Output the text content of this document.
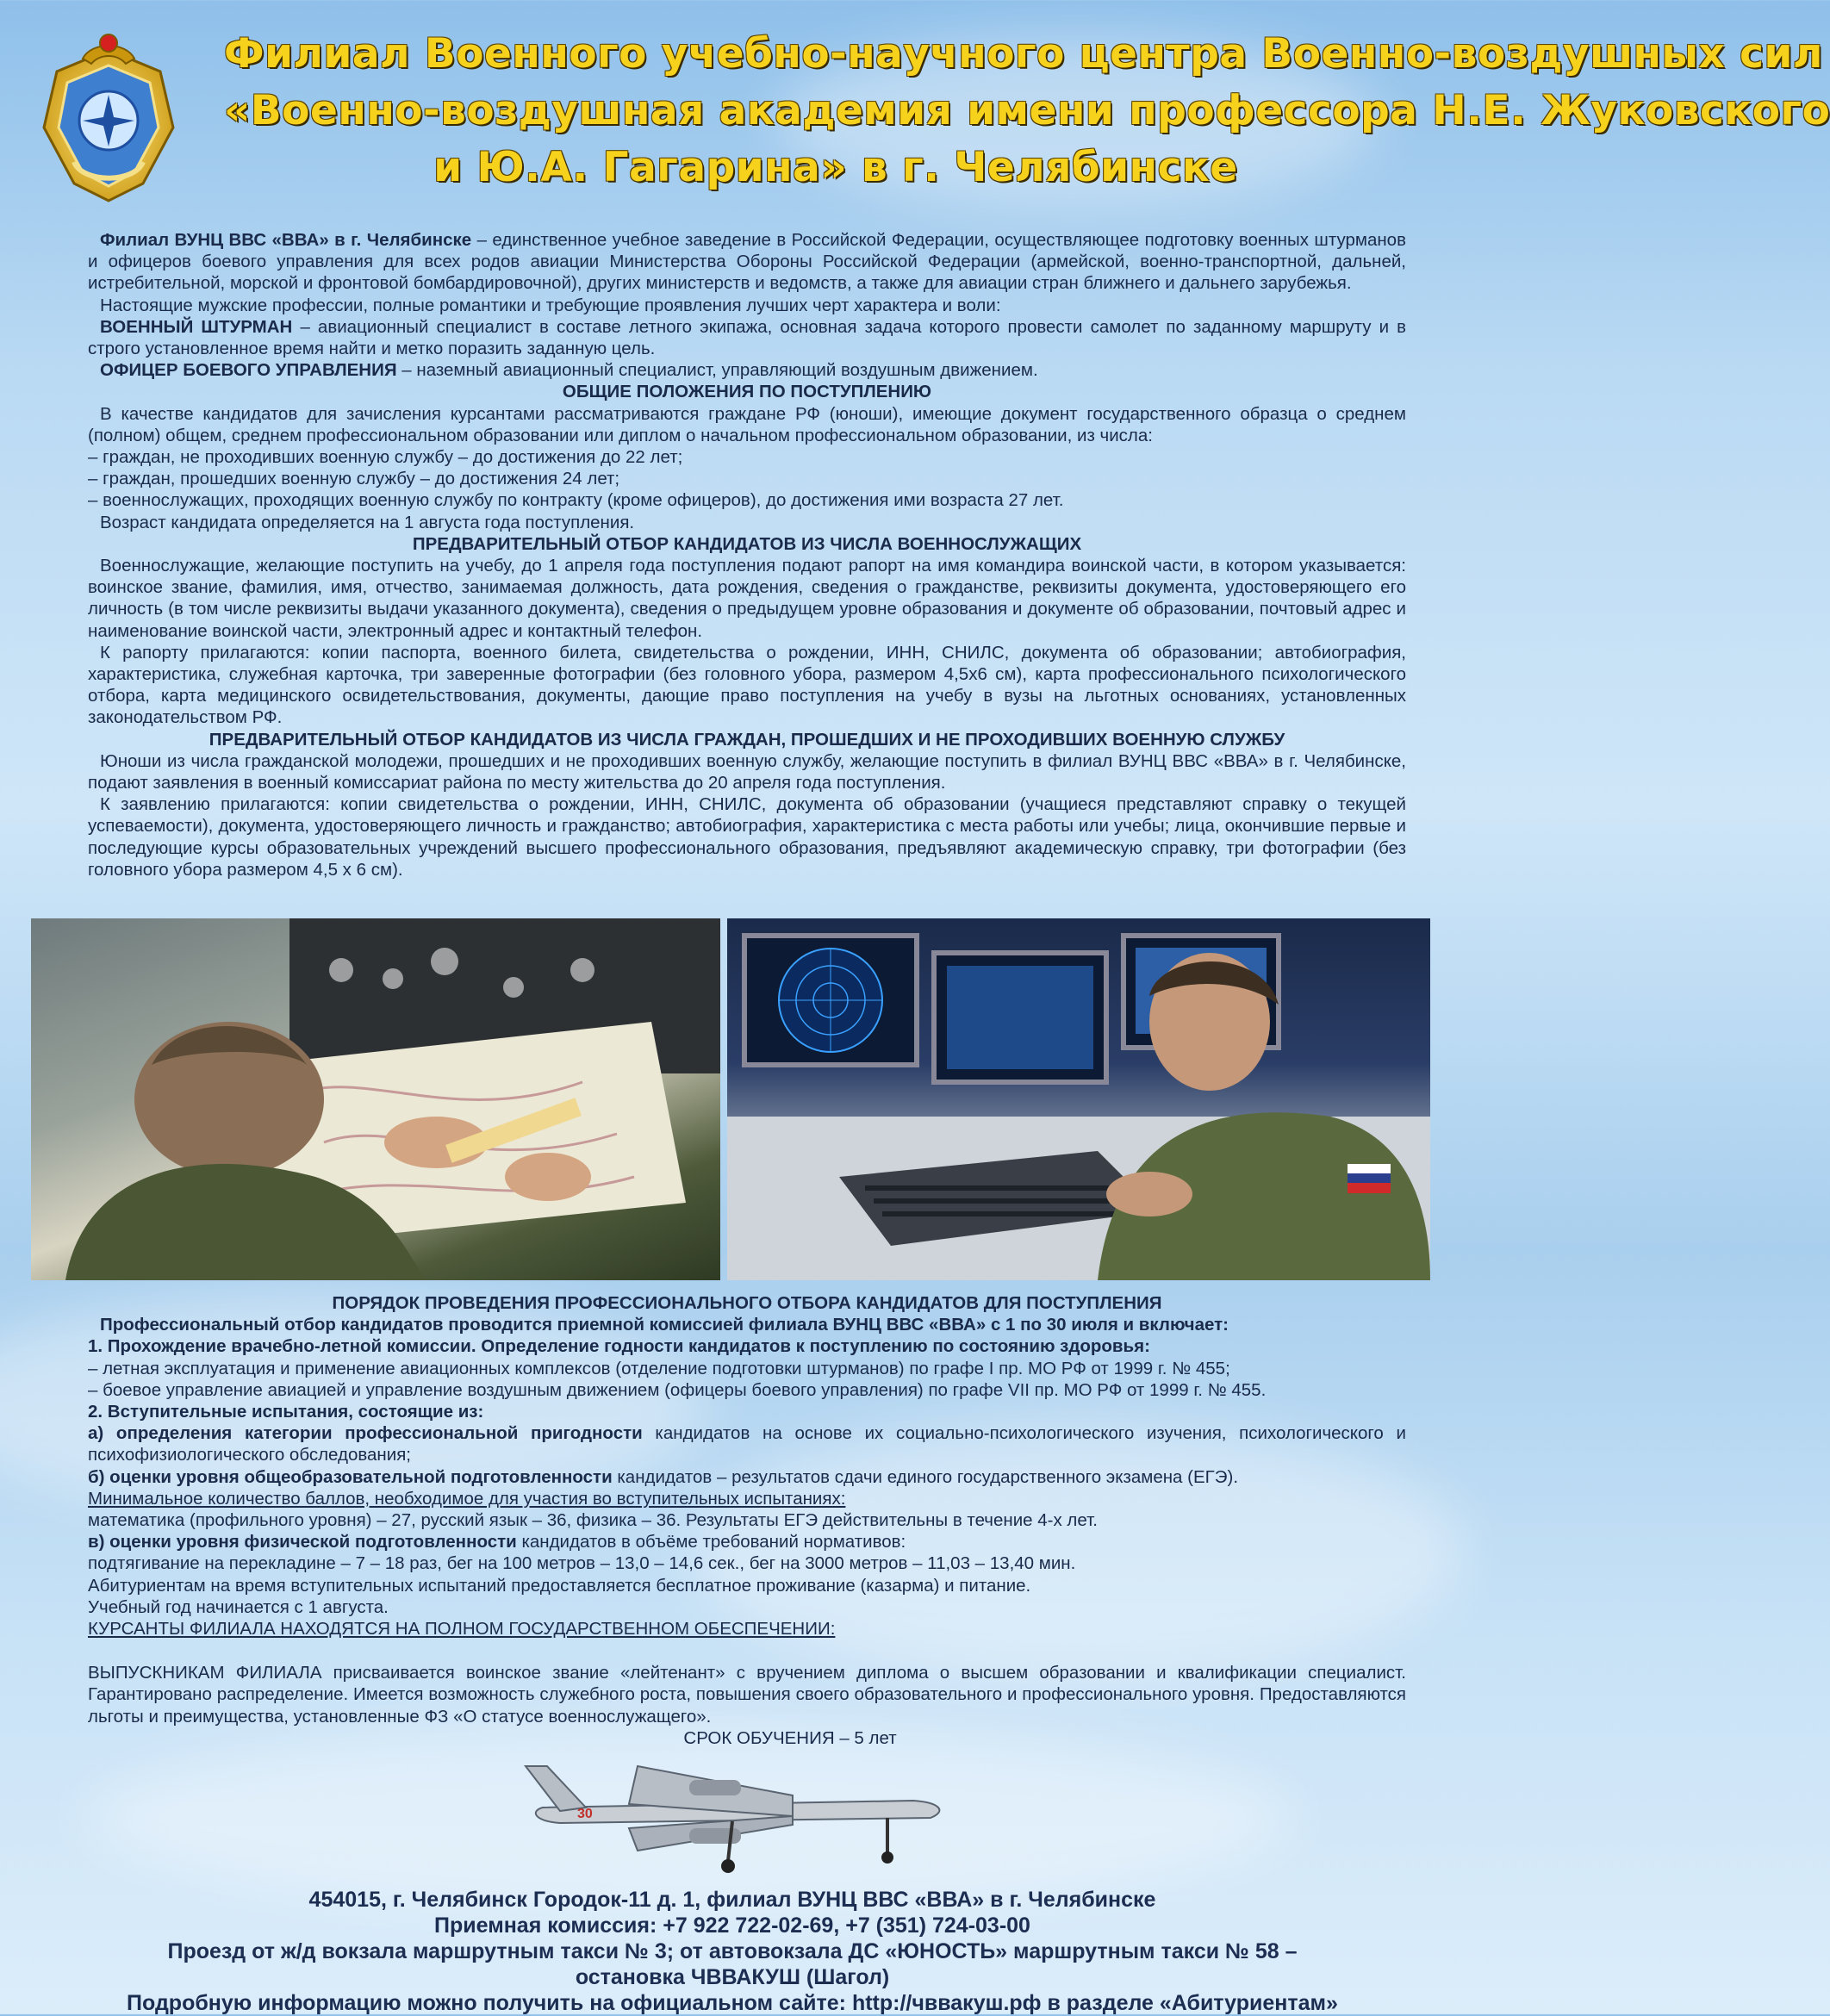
Филиал Военного учебно-научного центра Военно-воздушных сил
«Военно-воздушная академия имени профессора Н.Е. Жуковского
и Ю.А. Гагарина» в г. Челябинске

Филиал ВУНЦ ВВС «ВВА» в г. Челябинске – единственное учебное заведение в Российской Федерации, осуществляющее подготовку военных штурманов и офицеров боевого управления для всех родов авиации Министерства Обороны Российской Федерации (армейской, военно-транспортной, дальней, истребительной, морской и фронтовой бомбардировочной), других министерств и ведомств, а также для авиации стран ближнего и дальнего зарубежья.

Настоящие мужские профессии, полные романтики и требующие проявления лучших черт характера и воли:

ВОЕННЫЙ ШТУРМАН – авиационный специалист в составе летного экипажа, основная задача которого провести самолет по заданному маршруту и в строго установленное время найти и метко поразить заданную цель.

ОФИЦЕР БОЕВОГО УПРАВЛЕНИЯ – наземный авиационный специалист, управляющий воздушным движением.

ОБЩИЕ ПОЛОЖЕНИЯ ПО ПОСТУПЛЕНИЮ

В качестве кандидатов для зачисления курсантами рассматриваются граждане РФ (юноши), имеющие документ государственного образца о среднем (полном) общем, среднем профессиональном образовании или диплом о начальном профессиональном образовании, из числа:

– граждан, не проходивших военную службу – до достижения до 22 лет;

– граждан, прошедших военную службу – до достижения 24 лет;

– военнослужащих, проходящих военную службу по контракту (кроме офицеров), до достижения ими возраста 27 лет.

Возраст кандидата определяется на 1 августа года поступления.

ПРЕДВАРИТЕЛЬНЫЙ ОТБОР КАНДИДАТОВ ИЗ ЧИСЛА ВОЕННОСЛУЖАЩИХ

Военнослужащие, желающие поступить на учебу, до 1 апреля года поступления подают рапорт на имя командира воинской части, в котором указывается: воинское звание, фамилия, имя, отчество, занимаемая должность, дата рождения, сведения о гражданстве, реквизиты документа, удостоверяющего его личность (в том числе реквизиты выдачи указанного документа), сведения о предыдущем уровне образования и документе об образовании, почтовый адрес и наименование воинской части, электронный адрес и контактный телефон.

К рапорту прилагаются: копии паспорта, военного билета, свидетельства о рождении, ИНН, СНИЛС, документа об образовании; автобиография, характеристика, служебная карточка, три заверенные фотографии (без головного убора, размером 4,5х6 см), карта профессионального психологического отбора, карта медицинского освидетельствования, документы, дающие право поступления на учебу в вузы на льготных основаниях, установленных законодательством РФ.

ПРЕДВАРИТЕЛЬНЫЙ ОТБОР КАНДИДАТОВ ИЗ ЧИСЛА ГРАЖДАН, ПРОШЕДШИХ И НЕ ПРОХОДИВШИХ ВОЕННУЮ СЛУЖБУ

Юноши из числа гражданской молодежи, прошедших и не проходивших военную службу, желающие поступить в филиал ВУНЦ ВВС «ВВА» в г. Челябинске, подают заявления в военный комиссариат района по месту жительства до 20 апреля года поступления.

К заявлению прилагаются: копии свидетельства о рождении, ИНН, СНИЛС, документа об образовании (учащиеся представляют справку о текущей успеваемости), документа, удостоверяющего личность и гражданство; автобиография, характеристика с места работы или учебы; лица, окончившие первые и последующие курсы образовательных учреждений высшего профессионального образования, предъявляют академическую справку, три фотографии (без головного убора размером 4,5 х 6 см).

ПОРЯДОК ПРОВЕДЕНИЯ ПРОФЕССИОНАЛЬНОГО ОТБОРА КАНДИДАТОВ ДЛЯ ПОСТУПЛЕНИЯ

Профессиональный отбор кандидатов проводится приемной комиссией филиала ВУНЦ ВВС «ВВА» с 1 по 30 июля и включает:

1. Прохождение врачебно-летной комиссии. Определение годности кандидатов к поступлению по состоянию здоровья:

– летная эксплуатация и применение авиационных комплексов (отделение подготовки штурманов) по графе I пр. МО РФ от 1999 г. № 455;

– боевое управление авиацией и управление воздушным движением (офицеры боевого управления) по графе VII пр. МО РФ от 1999 г. № 455.

2. Вступительные испытания, состоящие из:

а) определения категории профессиональной пригодности кандидатов на основе их социально-психологического изучения, психологического и психофизиологического обследования;

б) оценки уровня общеобразовательной подготовленности кандидатов – результатов сдачи единого государственного экзамена (ЕГЭ).

Минимальное количество баллов, необходимое для участия во вступительных испытаниях:

математика (профильного уровня) – 27, русский язык – 36, физика – 36. Результаты ЕГЭ действительны в течение 4-х лет.

в) оценки уровня физической подготовленности кандидатов в объёме требований нормативов:

подтягивание на перекладине – 7 – 18 раз, бег на 100 метров – 13,0 – 14,6 сек., бег на 3000 метров – 11,03 – 13,40 мин.

Абитуриентам на время вступительных испытаний предоставляется бесплатное проживание (казарма) и питание.

Учебный год начинается с 1 августа.

КУРСАНТЫ ФИЛИАЛА НАХОДЯТСЯ НА ПОЛНОМ ГОСУДАРСТВЕННОМ ОБЕСПЕЧЕНИИ:

ВЫПУСКНИКАМ ФИЛИАЛА присваивается воинское звание «лейтенант» с вручением диплома о высшем образовании и квалификации специалист. Гарантировано распределение. Имеется возможность служебного роста, повышения своего образовательного и профессионального уровня. Предоставляются льготы и преимущества, установленные ФЗ «О статусе военнослужащего».

СРОК ОБУЧЕНИЯ – 5 лет

30
454015, г. Челябинск Городок-11 д. 1, филиал ВУНЦ ВВС «ВВА» в г. Челябинске
Приемная комиссия: +7 922 722-02-69, +7 (351) 724-03-00
Проезд от ж/д вокзала маршрутным такси № 3; от автовокзала ДС «ЮНОСТЬ» маршрутным такси № 58 –
остановка ЧВВАКУШ (Шагол)
Подробную информацию можно получить на официальном сайте: http://чввакуш.рф в разделе «Абитуриентам»
